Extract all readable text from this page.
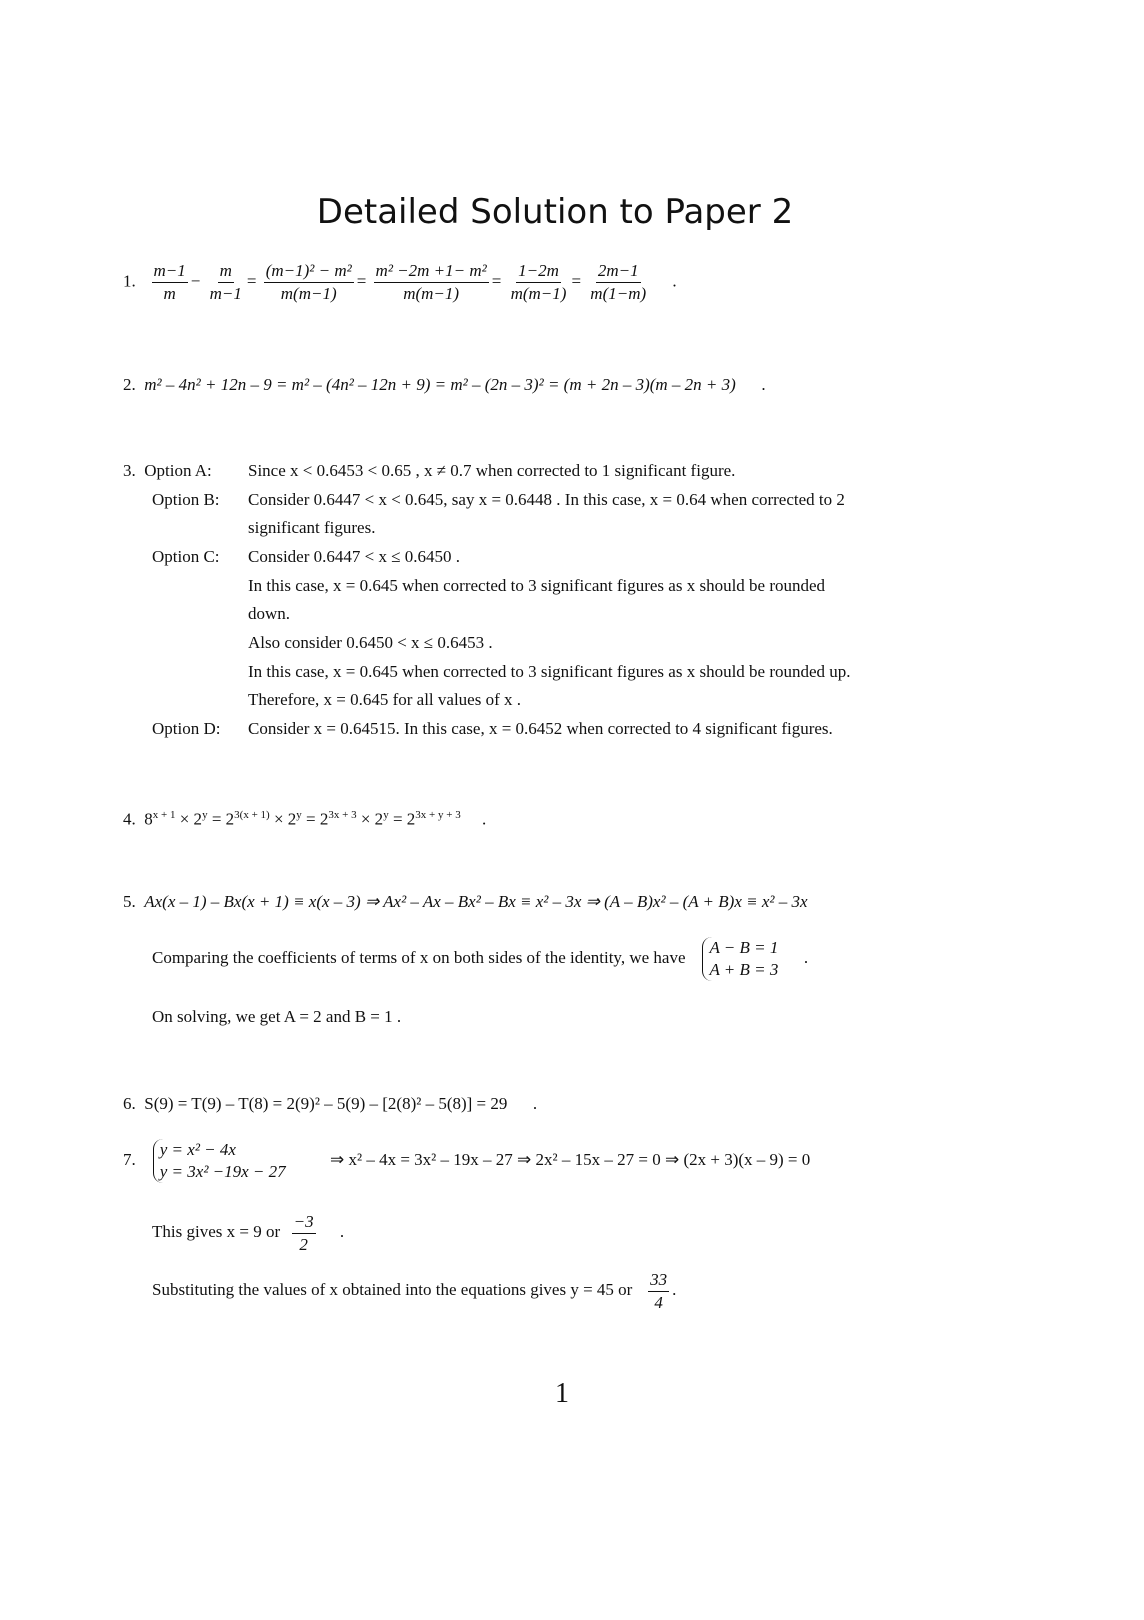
Detailed Solution to Paper 2
1. $\frac{m-1}{m} - \frac{m}{m-1} = \frac{\text{(m−1)² − m²}}{m(m-1)} = \frac{\text{m² −2m +1− m²}}{m(m-1)} = \frac{1-2m}{m(m-1)} = \frac{2m-1}{m(1-m)}$ .
2. m² – 4n² + 12n – 9 = m² – (4n² – 12n + 9) = m² – (2n – 3)² = (m + 2n – 3)(m – 2n + 3) .
3. Option A: Since x < 0.6453 < 0.65 , x ≠ 0.7 when corrected to 1 significant figure.
Option B: Consider 0.6447 < x < 0.645, say x = 0.6448 . In this case, x = 0.64 when corrected to 2
significant figures.
Option C: Consider 0.6447 < x ≤ 0.6450 .
In this case, x = 0.645 when corrected to 3 significant figures as x should be rounded
down.
Also consider 0.6450 < x ≤ 0.6453 .
In this case, x = 0.645 when corrected to 3 significant figures as x should be rounded up.
Therefore, x = 0.645 for all values of x .
Option D: Consider x = 0.64515. In this case, x = 0.6452 when corrected to 4 significant figures.
4. $8^{x + 1} \times 2^y = 2^{3(x + 1)} \times 2^y = 2^{3x + 3} \times 2^y = 2^{3x + y + 3}$ .
5. Ax(x – 1) – Bx(x + 1) ≡ x(x – 3) ⇒ Ax² – Ax – Bx² – Bx ≡ x² – 3x ⇒ (A – B)x² – (A + B)x ≡ x² – 3x
Comparing the coefficients of terms of x on both sides of the identity, we have
A − B = 1
A + B = 3
.
On solving, we get A = 2 and B = 1 .
6. S(9) = T(9) – T(8) = 2(9)² – 5(9) – [2(8)² – 5(8)] = 29 .
7.
y = x² − 4x
y = 3x² −19x − 27
⇒ x² – 4x = 3x² – 19x – 27 ⇒ 2x² – 15x – 27 = 0 ⇒ (2x + 3)(x – 9) = 0
This gives x = 9 or $\frac{-3}{2}$ .
Substituting the values of x obtained into the equations gives y = 45 or $\frac{33}{4}$ .
1
